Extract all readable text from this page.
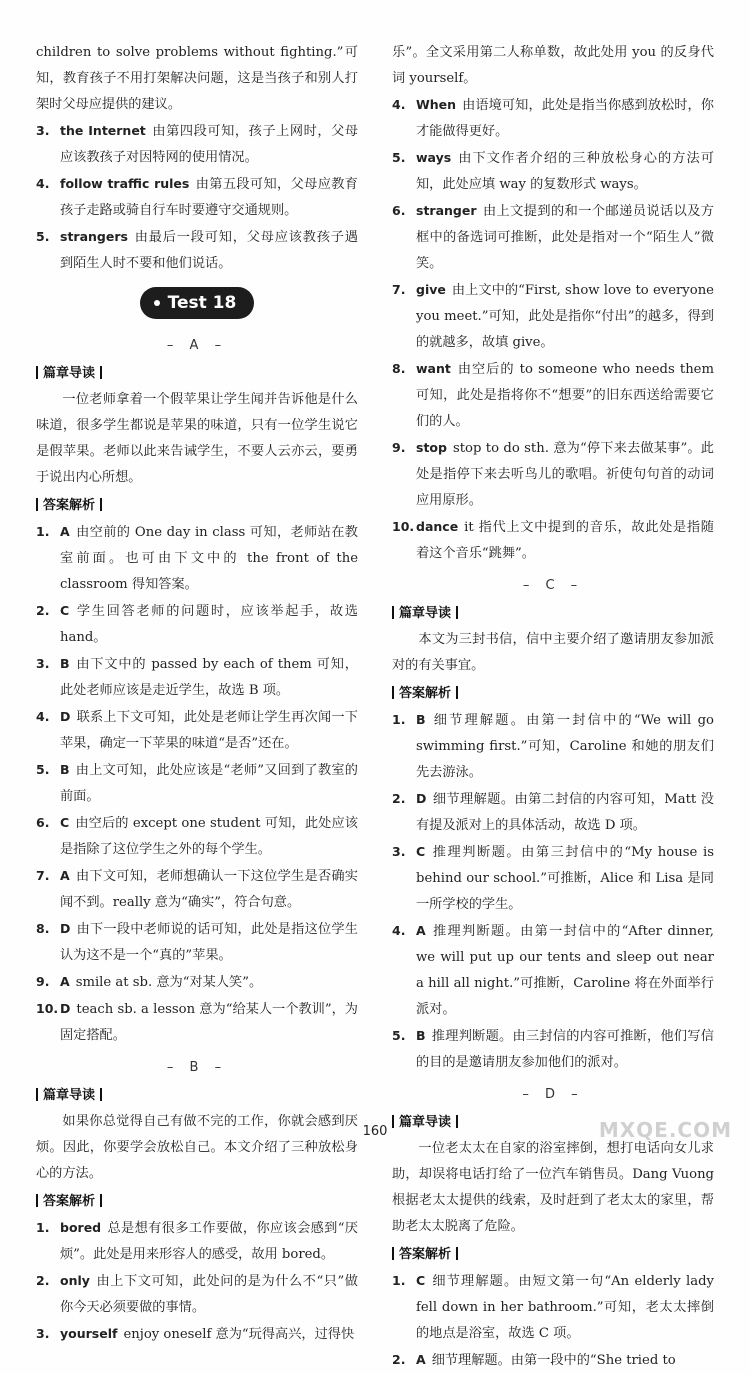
children to solve problems without fighting.”可知，教育孩子不用打架解决问题，这是当孩子和别人打架时父母应提供的建议。

3. the Internet 由第四段可知，孩子上网时，父母应该教孩子对因特网的使用情况。

4. follow traffic rules 由第五段可知，父母应教育孩子走路或骑自行车时要遵守交通规则。

5. strangers 由最后一段可知，父母应该教孩子遇到陌生人时不要和他们说话。

Test 18
– A –
篇章导读

一位老师拿着一个假苹果让学生闻并告诉他是什么味道，很多学生都说是苹果的味道，只有一位学生说它是假苹果。老师以此来告诫学生，不要人云亦云，要勇于说出内心所想。

答案解析

1. A 由空前的 One day in class 可知，老师站在教室前面。也可由下文中的 the front of the classroom 得知答案。

2. C 学生回答老师的问题时，应该举起手，故选 hand。

3. B 由下文中的 passed by each of them 可知，此处老师应该是走近学生，故选 B 项。

4. D 联系上下文可知，此处是老师让学生再次闻一下苹果，确定一下苹果的味道“是否”还在。

5. B 由上文可知，此处应该是“老师”又回到了教室的前面。

6. C 由空后的 except one student 可知，此处应该是指除了这位学生之外的每个学生。

7. A 由下文可知，老师想确认一下这位学生是否确实闻不到。really 意为“确实”，符合句意。

8. D 由下一段中老师说的话可知，此处是指这位学生认为这不是一个“真的”苹果。

9. A smile at sb. 意为“对某人笑”。

10. D teach sb. a lesson 意为“给某人一个教训”，为固定搭配。

– B –
篇章导读

如果你总觉得自己有做不完的工作，你就会感到厌烦。因此，你要学会放松自己。本文介绍了三种放松身心的方法。

答案解析

1. bored 总是想有很多工作要做，你应该会感到“厌烦”。此处是用来形容人的感受，故用 bored。

2. only 由上下文可知，此处问的是为什么不“只”做你今天必须要做的事情。

3. yourself enjoy oneself 意为“玩得高兴，过得快

乐”。全文采用第二人称单数，故此处用 you 的反身代词 yourself。

4. When 由语境可知，此处是指当你感到放松时，你才能做得更好。

5. ways 由下文作者介绍的三种放松身心的方法可知，此处应填 way 的复数形式 ways。

6. stranger 由上文提到的和一个邮递员说话以及方框中的备选词可推断，此处是指对一个“陌生人”微笑。

7. give 由上文中的“First, show love to everyone you meet.”可知，此处是指你“付出”的越多，得到的就越多，故填 give。

8. want 由空后的 to someone who needs them 可知，此处是指将你不“想要”的旧东西送给需要它们的人。

9. stop stop to do sth. 意为“停下来去做某事”。此处是指停下来去听鸟儿的歌唱。祈使句句首的动词应用原形。

10. dance it 指代上文中提到的音乐，故此处是指随着这个音乐“跳舞”。

– C –
篇章导读

本文为三封书信，信中主要介绍了邀请朋友参加派对的有关事宜。

答案解析

1. B 细节理解题。由第一封信中的“We will go swimming first.”可知，Caroline 和她的朋友们先去游泳。

2. D 细节理解题。由第二封信的内容可知，Matt 没有提及派对上的具体活动，故选 D 项。

3. C 推理判断题。由第三封信中的“My house is behind our school.”可推断，Alice 和 Lisa 是同一所学校的学生。

4. A 推理判断题。由第一封信中的“After dinner, we will put up our tents and sleep out near a hill all night.”可推断，Caroline 将在外面举行派对。

5. B 推理判断题。由三封信的内容可推断，他们写信的目的是邀请朋友参加他们的派对。

– D –
篇章导读

一位老太太在自家的浴室摔倒，想打电话向女儿求助，却误将电话打给了一位汽车销售员。Dang Vuong 根据老太太提供的线索，及时赶到了老太太的家里，帮助老太太脱离了危险。

答案解析

1. C 细节理解题。由短文第一句“An elderly lady fell down in her bathroom.”可知，老太太摔倒的地点是浴室，故选 C 项。

2. A 细节理解题。由第一段中的“She tried to

160	MXQE.COM
